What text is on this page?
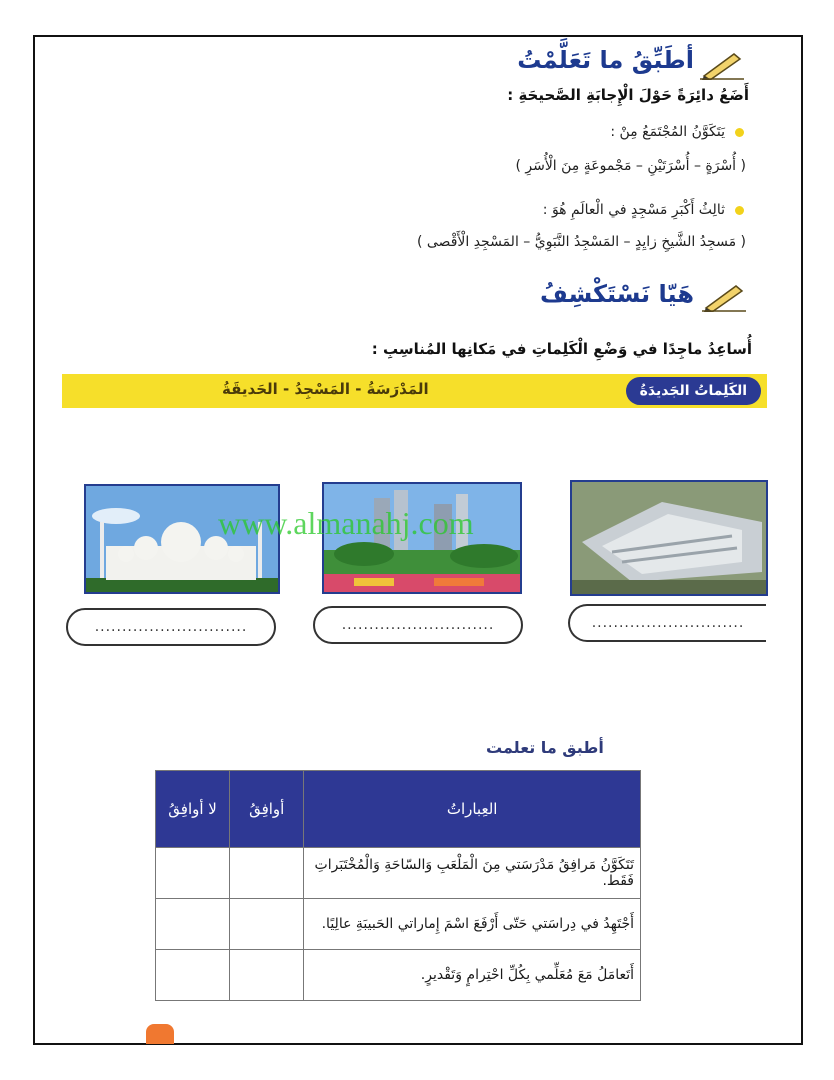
أطَبِّقُ ما تَعَلَّمْتُ
أَضَعُ دائِرَةً حَوْلَ الْإِجابَةِ الصَّحيحَةِ :
يَتَكَوَّنُ المُجْتَمَعُ مِنْ :
( أُسْرَةٍ – أُسْرَتَيْنِ – مَجْموعَةٍ مِنَ الْأُسَرِ )
ثالِثُ أَكْبَرِ مَسْجِدٍ في الْعالَمِ هُوَ :
( مَسجِدُ الشَّيخِ زايِدٍ – المَسْجِدُ النَّبَوِيُّ – المَسْجِدِ الْأَقْصى )
هَيّا نَسْتَكْشِفُ
أُساعِدُ ماجِدًا في وَضْعِ الْكَلِماتِ في مَكانِها المُناسِبِ :
الكَلِماتُ الجَديدَةُ
المَدْرَسَةُ - المَسْجِدُ - الحَديقَةُ
www.almanahj.com
............................	............................	............................
أطبق ما تعلمت
العِباراتُ	أوافِقُ	لا أوافِقُ
تَتَكَوَّنُ مَرافِقُ مَدْرَسَتي مِنَ الْمَلْعَبِ وَالسّاحَةِ وَالْمُخْتَبَراتِ فَقَط.		
أَجْتَهِدُ في دِراسَتي حَتّى أَرْفَعَ اسْمَ إِماراتي الحَبيبَةِ عالِيًا.		
أَتَعامَلُ مَعَ مُعَلِّمي بِكُلِّ احْتِرامٍ وَتَقْديرٍ.		
